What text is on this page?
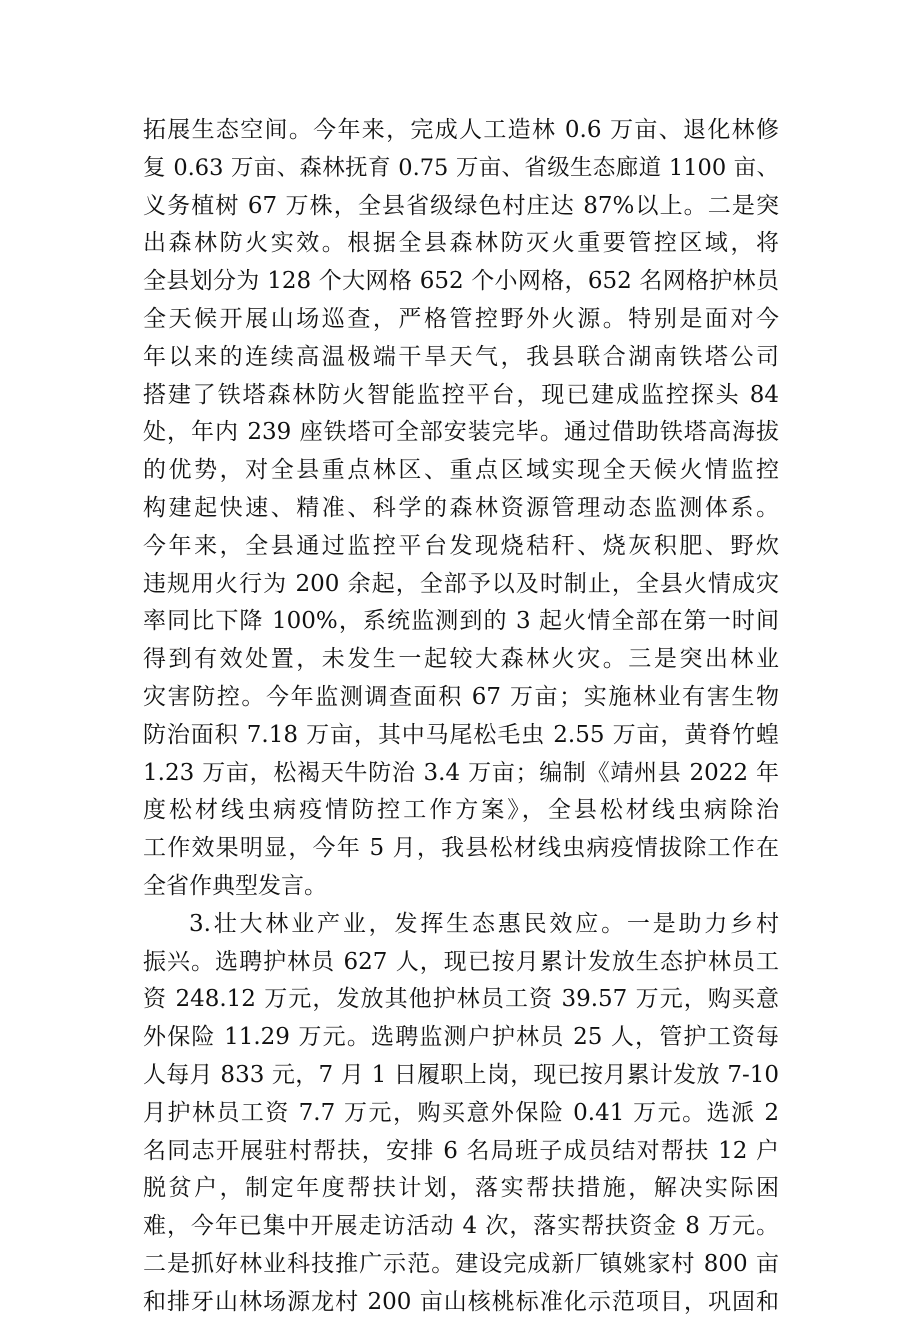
拓展生态空间。今年来，完成人工造林 0.6 万亩、退化林修
复 0.63 万亩、森林抚育 0.75 万亩、省级生态廊道 1100 亩、
义务植树 67 万株，全县省级绿色村庄达 87%以上。二是突
出森林防火实效。根据全县森林防灭火重要管控区域，将
全县划分为 128 个大网格 652 个小网格，652 名网格护林员
全天候开展山场巡查，严格管控野外火源。特别是面对今
年以来的连续高温极端干旱天气，我县联合湖南铁塔公司
搭建了铁塔森林防火智能监控平台，现已建成监控探头 84
处，年内 239 座铁塔可全部安装完毕。通过借助铁塔高海拔
的优势，对全县重点林区、重点区域实现全天候火情监控
构建起快速、精准、科学的森林资源管理动态监测体系。
今年来，全县通过监控平台发现烧秸秆、烧灰积肥、野炊
违规用火行为 200 余起，全部予以及时制止，全县火情成灾
率同比下降 100%，系统监测到的 3 起火情全部在第一时间
得到有效处置，未发生一起较大森林火灾。三是突出林业
灾害防控。今年监测调查面积 67 万亩；实施林业有害生物
防治面积 7.18 万亩，其中马尾松毛虫 2.55 万亩，黄脊竹蝗
1.23 万亩，松褐天牛防治 3.4 万亩；编制《靖州县 2022 年
度松材线虫病疫情防控工作方案》，全县松材线虫病除治
工作效果明显，今年 5 月，我县松材线虫病疫情拔除工作在
全省作典型发言。
3.壮大林业产业，发挥生态惠民效应。一是助力乡村
振兴。选聘护林员 627 人，现已按月累计发放生态护林员工
资 248.12 万元，发放其他护林员工资 39.57 万元，购买意
外保险 11.29 万元。选聘监测户护林员 25 人，管护工资每
人每月 833 元，7 月 1 日履职上岗，现已按月累计发放 7-10
月护林员工资 7.7 万元，购买意外保险 0.41 万元。选派 2
名同志开展驻村帮扶，安排 6 名局班子成员结对帮扶 12 户
脱贫户，制定年度帮扶计划，落实帮扶措施，解决实际困
难，今年已集中开展走访活动 4 次，落实帮扶资金 8 万元。
二是抓好林业科技推广示范。建设完成新厂镇姚家村 800 亩
和排牙山林场源龙村 200 亩山核桃标准化示范项目，巩固和
